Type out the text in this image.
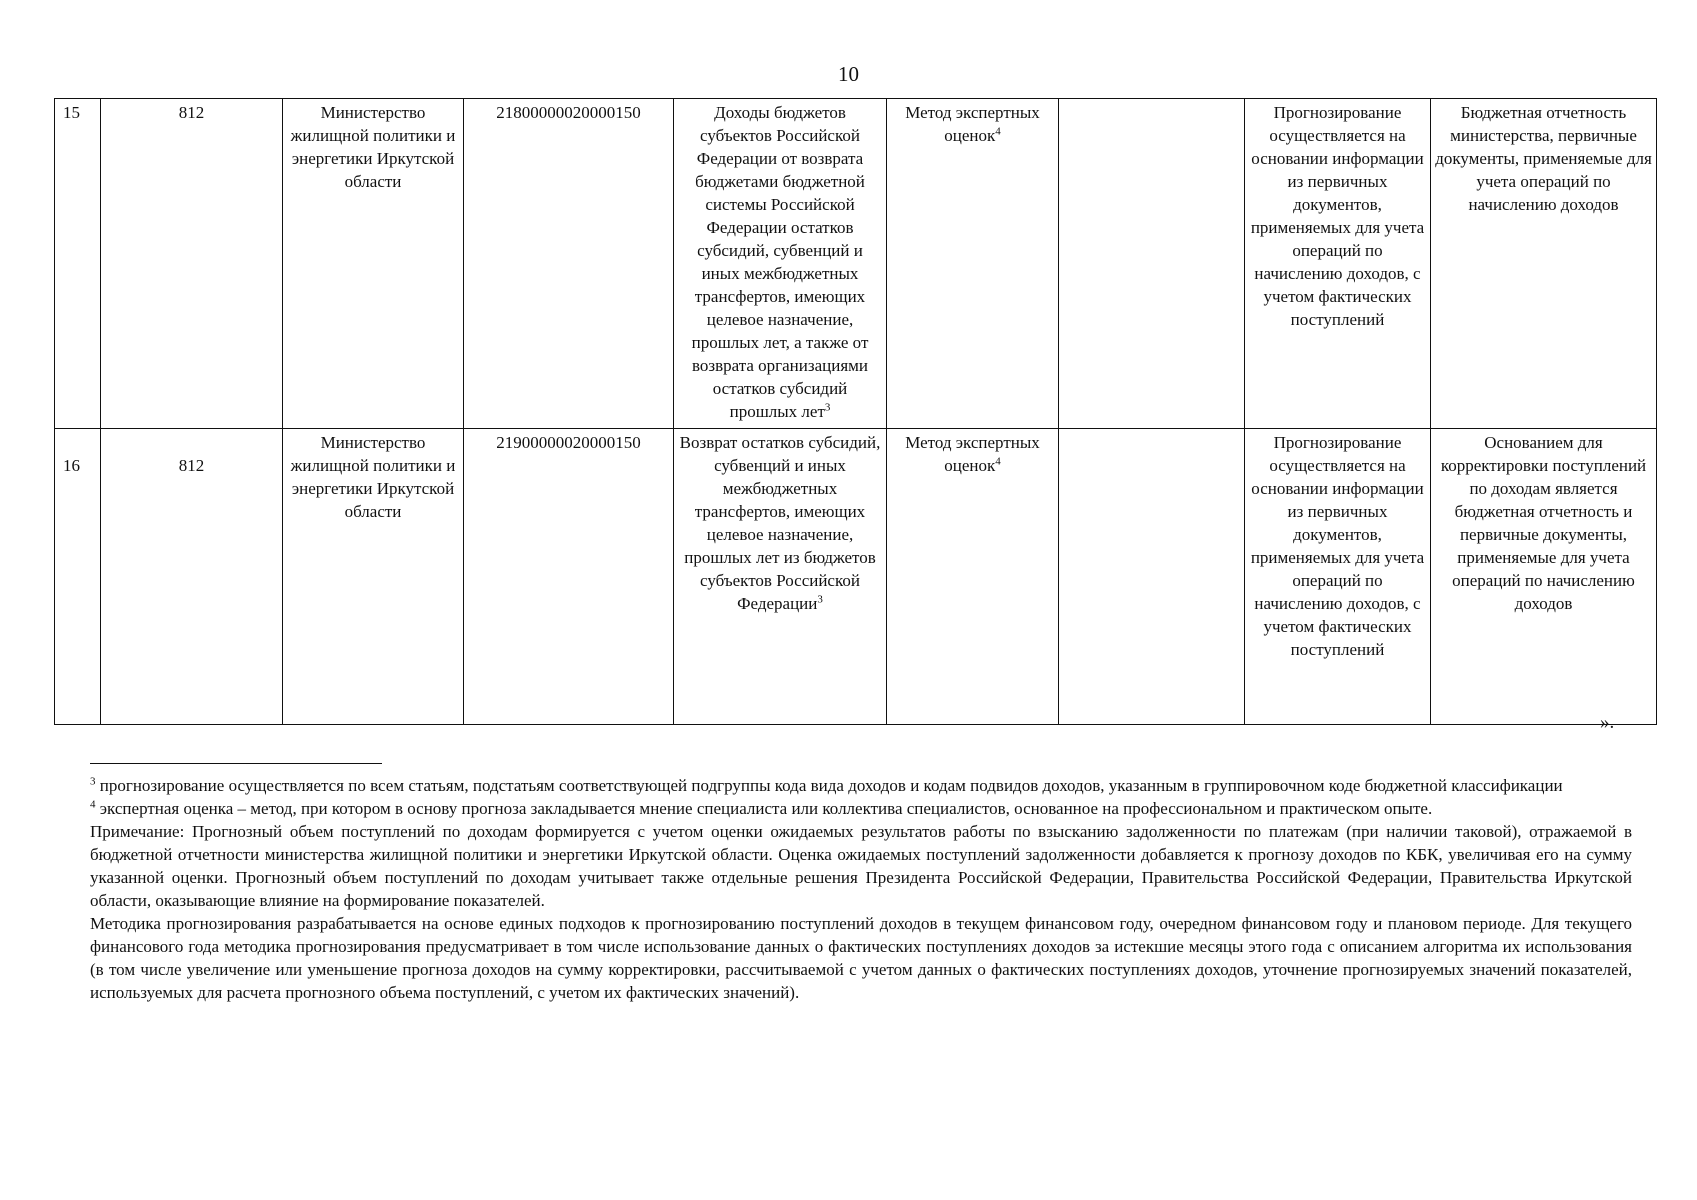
10
15	812	Министерство жилищной политики и энергетики Иркутской области	21800000020000150	Доходы бюджетов субъектов Российской Федерации от возврата бюджетами бюджетной системы Российской Федерации остатков субсидий, субвенций и иных межбюджетных трансфертов, имеющих целевое назначение, прошлых лет, а также от возврата организациями остатков субсидий прошлых лет$^3$	Метод экспертных оценок$^4$		Прогнозирование осуществляется на основании информации из первичных документов, применяемых для учета операций по начислению доходов, с учетом фактических поступлений	Бюджетная отчетность министерства, первичные документы, применяемые для учета операций по начислению доходов

16	812	Министерство жилищной политики и энергетики Иркутской области	21900000020000150	Возврат остатков субсидий, субвенций и иных межбюджетных трансфертов, имеющих целевое назначение, прошлых лет из бюджетов субъектов Российской Федерации$^3$	Метод экспертных оценок$^4$		Прогнозирование осуществляется на основании информации из первичных документов, применяемых для учета операций по начислению доходов, с учетом фактических поступлений	Основанием для корректировки поступлений по доходам является бюджетная отчетность и первичные документы, применяемые для учета операций по начислению доходов
».

$^3$ прогнозирование осуществляется по всем статьям, подстатьям соответствующей подгруппы кода вида доходов и кодам подвидов доходов, указанным в группировочном коде бюджетной классификации

$^4$ экспертная оценка – метод, при котором в основу прогноза закладывается мнение специалиста или коллектива специалистов, основанное на профессиональном и практическом опыте.

Примечание: Прогнозный объем поступлений по доходам формируется с учетом оценки ожидаемых результатов работы по взысканию задолженности по платежам (при наличии таковой), отражаемой в бюджетной отчетности министерства жилищной политики и энергетики Иркутской области. Оценка ожидаемых поступлений задолженности добавляется к прогнозу доходов по КБК, увеличивая его на сумму указанной оценки. Прогнозный объем поступлений по доходам учитывает также отдельные решения Президента Российской Федерации, Правительства Российской Федерации, Правительства Иркутской области, оказывающие влияние на формирование показателей.

Методика прогнозирования разрабатывается на основе единых подходов к прогнозированию поступлений доходов в текущем финансовом году, очередном финансовом году и плановом периоде. Для текущего финансового года методика прогнозирования предусматривает в том числе использование данных о фактических поступлениях доходов за истекшие месяцы этого года с описанием алгоритма их использования (в том числе увеличение или уменьшение прогноза доходов на сумму корректировки, рассчитываемой с учетом данных о фактических поступлениях доходов, уточнение прогнозируемых значений показателей, используемых для расчета прогнозного объема поступлений, с учетом их фактических значений).
